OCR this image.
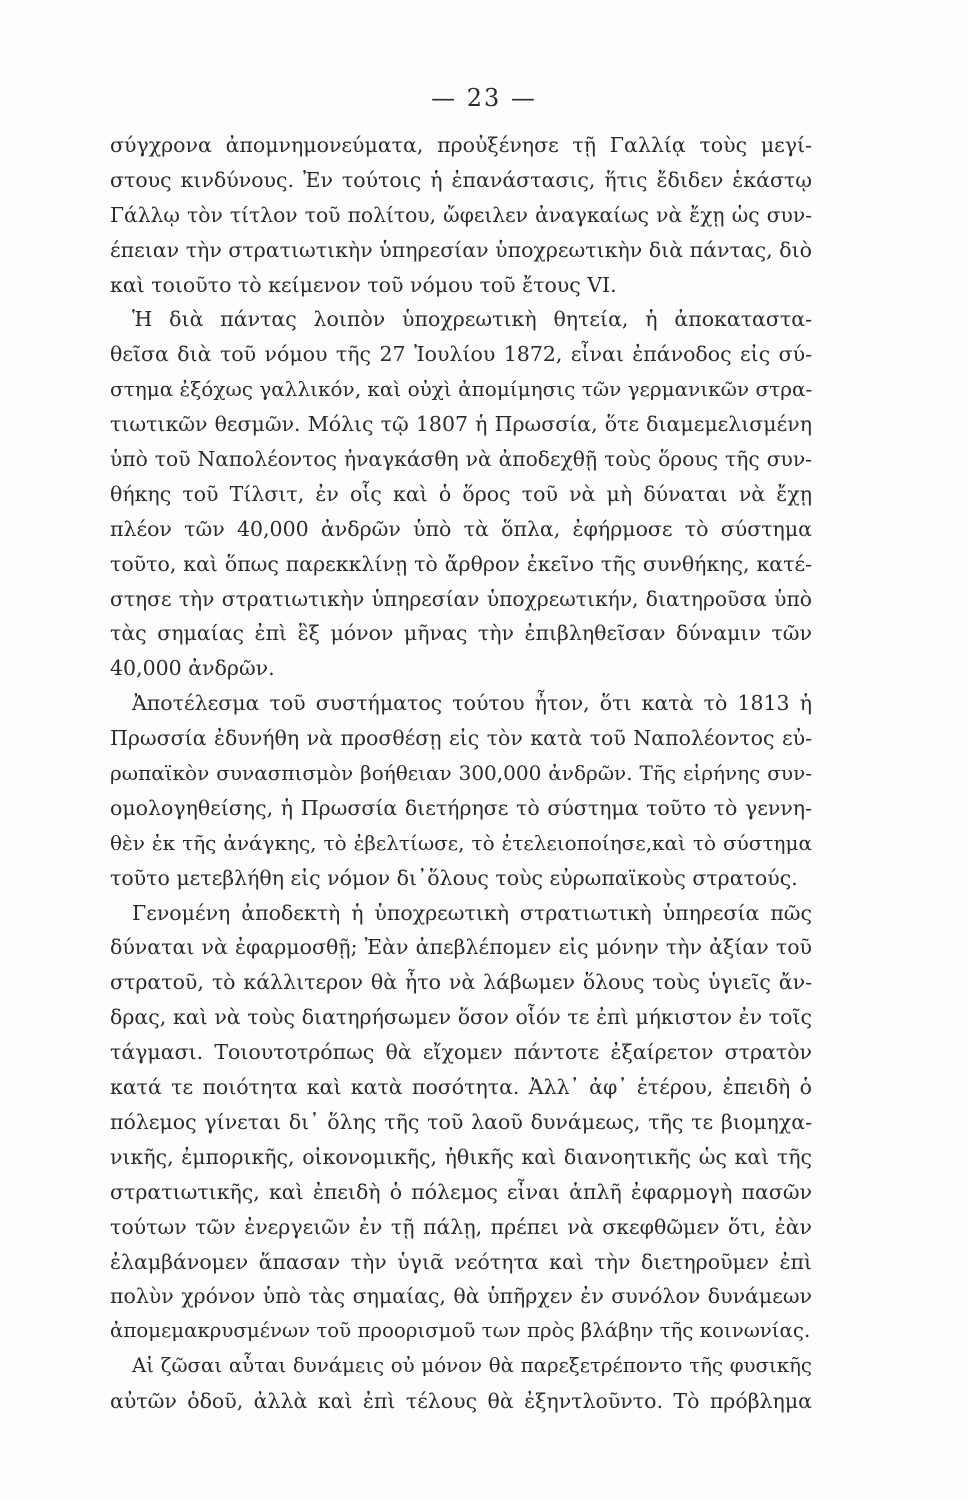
— 23 —
σύγχρονα ἀπομνημονεύματα, προὐξένησε τῇ Γαλλίᾳ τοὺς μεγί-
στους κινδύνους. Ἐν τούτοις ἡ ἐπανάστασις, ἥτις ἔδιδεν ἑκάστῳ
Γάλλῳ τὸν τίτλον τοῦ πολίτου, ὤφειλεν ἀναγκαίως νὰ ἔχῃ ὡς συν-
έπειαν τὴν στρατιωτικὴν ὑπηρεσίαν ὑποχρεωτικὴν διὰ πάντας, διὸ
καὶ τοιοῦτο τὸ κείμενον τοῦ νόμου τοῦ ἔτους VI.
Ἡ διὰ πάντας λοιπὸν ὑποχρεωτικὴ θητεία, ἡ ἀποκαταστα-
θεῖσα διὰ τοῦ νόμου τῆς 27 Ἰουλίου 1872, εἶναι ἐπάνοδος εἰς σύ-
στημα ἐξόχως γαλλικόν, καὶ οὐχὶ ἀπομίμησις τῶν γερμανικῶν στρα-
τιωτικῶν θεσμῶν. Μόλις τῷ 1807 ἡ Πρωσσία, ὅτε διαμεμελισμένη
ὑπὸ τοῦ Ναπολέοντος ἠναγκάσθη νὰ ἀποδεχθῇ τοὺς ὅρους τῆς συν-
θήκης τοῦ Τίλσιτ, ἐν οἷς καὶ ὁ ὅρος τοῦ νὰ μὴ δύναται νὰ ἔχῃ
πλέον τῶν 40,000 ἀνδρῶν ὑπὸ τὰ ὅπλα, ἐφήρμοσε τὸ σύστημα
τοῦτο, καὶ ὅπως παρεκκλίνῃ τὸ ἄρθρον ἐκεῖνο τῆς συνθήκης, κατέ-
στησε τὴν στρατιωτικὴν ὑπηρεσίαν ὑποχρεωτικήν, διατηροῦσα ὑπὸ
τὰς σημαίας ἐπὶ ἓξ μόνον μῆνας τὴν ἐπιβληθεῖσαν δύναμιν τῶν
40,000 ἀνδρῶν.
Ἀποτέλεσμα τοῦ συστήματος τούτου ἦτον, ὅτι κατὰ τὸ 1813 ἡ
Πρωσσία ἐδυνήθη νὰ προσθέσῃ εἰς τὸν κατὰ τοῦ Ναπολέοντος εὐ-
ρωπαϊκὸν συνασπισμὸν βοήθειαν 300,000 ἀνδρῶν. Τῆς εἰρήνης συν-
ομολογηθείσης, ἡ Πρωσσία διετήρησε τὸ σύστημα τοῦτο τὸ γεννη-
θὲν ἐκ τῆς ἀνάγκης, τὸ ἐβελτίωσε, τὸ ἐτελειοποίησε,καὶ τὸ σύστημα
τοῦτο μετεβλήθη εἰς νόμον δι᾽ὅλους τοὺς εὐρωπαϊκοὺς στρατούς.
Γενομένη ἀποδεκτὴ ἡ ὑποχρεωτικὴ στρατιωτικὴ ὑπηρεσία πῶς
δύναται νὰ ἐφαρμοσθῇ; Ἐὰν ἀπεβλέπομεν εἰς μόνην τὴν ἀξίαν τοῦ
στρατοῦ, τὸ κάλλιτερον θὰ ἦτο νὰ λάβωμεν ὅλους τοὺς ὑγιεῖς ἄν-
δρας, καὶ νὰ τοὺς διατηρήσωμεν ὅσον οἷόν τε ἐπὶ μήκιστον ἐν τοῖς
τάγμασι. Τοιουτοτρόπως θὰ εἴχομεν πάντοτε ἐξαίρετον στρατὸν
κατά τε ποιότητα καὶ κατὰ ποσότητα. Ἀλλ᾽ ἀφ᾽ ἑτέρου, ἐπειδὴ ὁ
πόλεμος γίνεται δι᾽ ὅλης τῆς τοῦ λαοῦ δυνάμεως, τῆς τε βιομηχα-
νικῆς, ἐμπορικῆς, οἰκονομικῆς, ἠθικῆς καὶ διανοητικῆς ὡς καὶ τῆς
στρατιωτικῆς, καὶ ἐπειδὴ ὁ πόλεμος εἶναι ἁπλῆ ἐφαρμογὴ πασῶν
τούτων τῶν ἐνεργειῶν ἐν τῇ πάλῃ, πρέπει νὰ σκεφθῶμεν ὅτι, ἐὰν
ἐλαμβάνομεν ἅπασαν τὴν ὑγιᾶ νεότητα καὶ τὴν διετηροῦμεν ἐπὶ
πολὺν χρόνον ὑπὸ τὰς σημαίας, θὰ ὑπῆρχεν ἐν συνόλον δυνάμεων
ἀπομεμακρυσμένων τοῦ προορισμοῦ των πρὸς βλάβην τῆς κοινωνίας.
Αἱ ζῶσαι αὗται δυνάμεις οὐ μόνον θὰ παρεξετρέποντο τῆς φυσικῆς
αὐτῶν ὁδοῦ, ἀλλὰ καὶ ἐπὶ τέλους θὰ ἐξηντλοῦντο. Τὸ πρόβλημα
